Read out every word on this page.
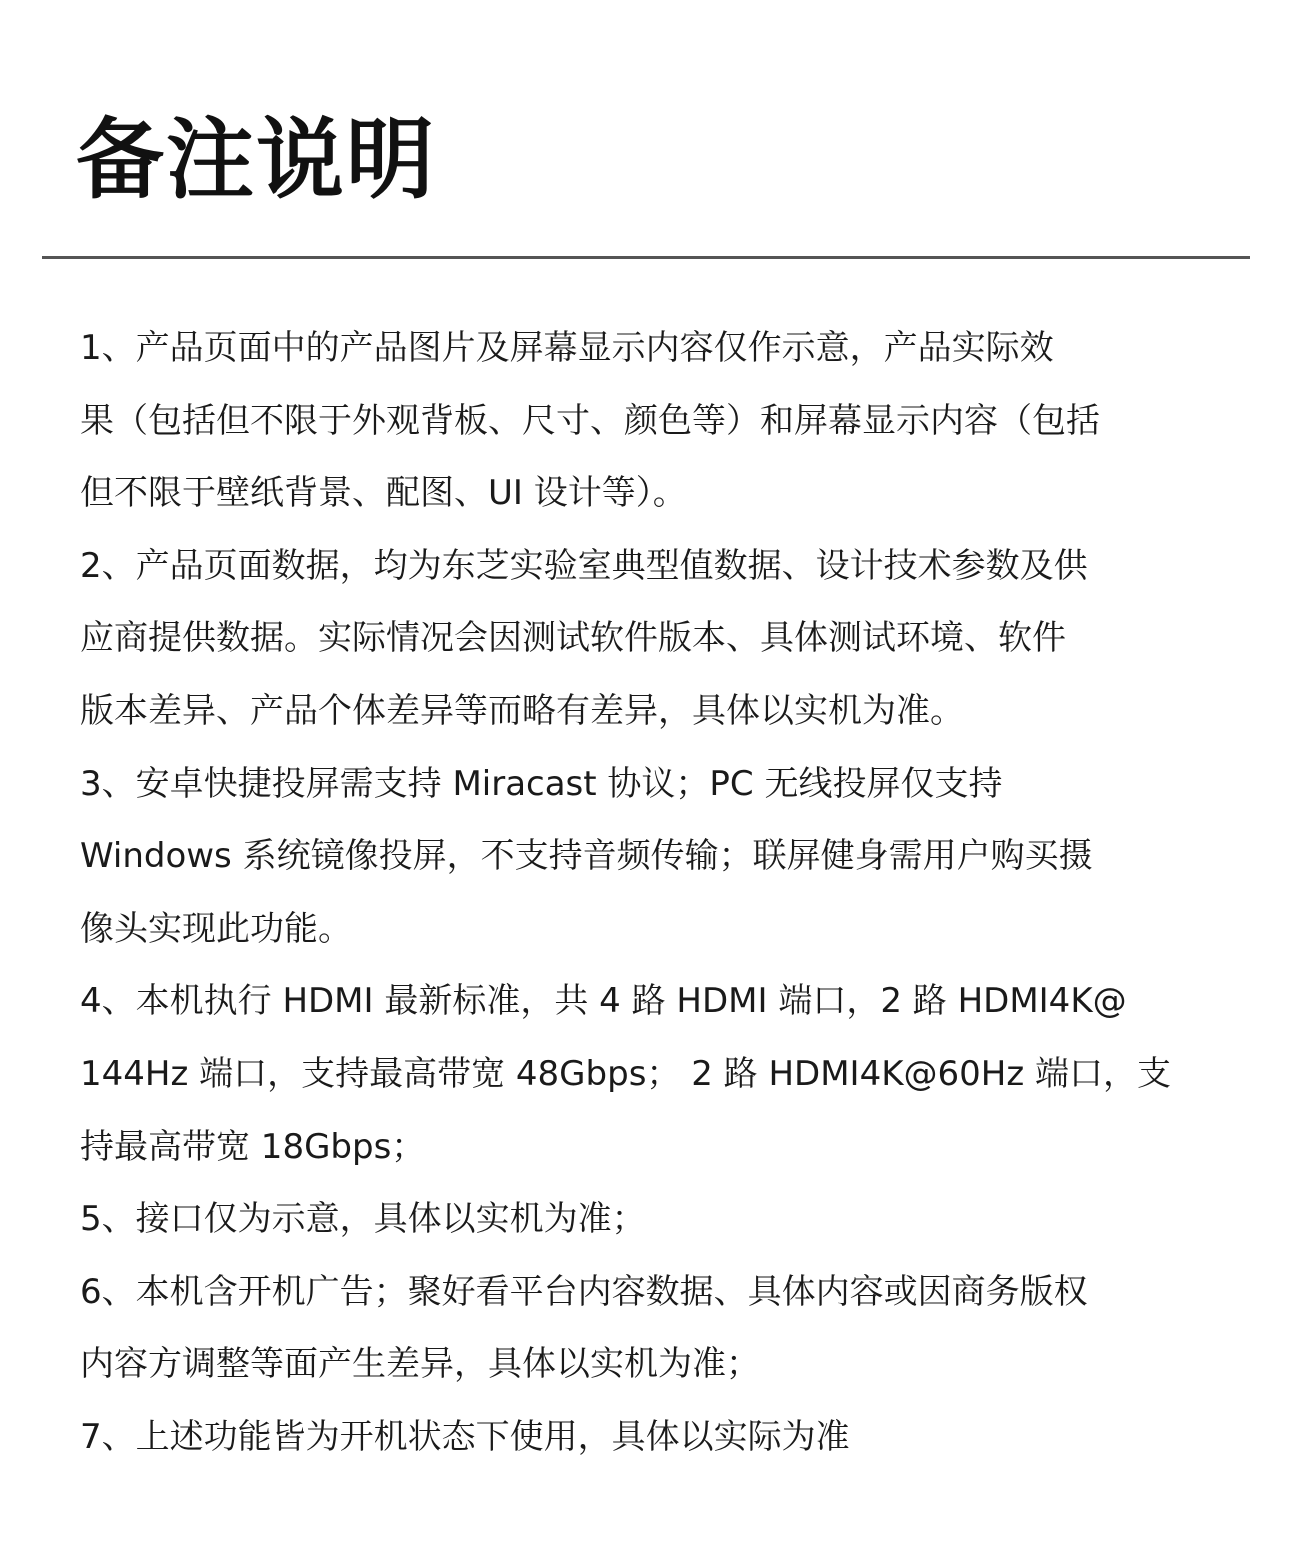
备注说明
1、产品页面中的产品图片及屏幕显示内容仅作示意，产品实际效
果（包括但不限于外观背板、尺寸、颜色等）和屏幕显示内容（包括
但不限于壁纸背景、配图、UI 设计等）。
2、产品页面数据，均为东芝实验室典型值数据、设计技术参数及供
应商提供数据。实际情况会因测试软件版本、具体测试环境、软件
版本差异、产品个体差异等而略有差异，具体以实机为准。
3、安卓快捷投屏需支持 Miracast 协议；PC 无线投屏仅支持
Windows 系统镜像投屏，不支持音频传输；联屏健身需用户购买摄
像头实现此功能。
4、本机执行 HDMI 最新标准，共 4 路 HDMI 端口，2 路 HDMI4K@
144Hz 端口，支持最高带宽 48Gbps； 2 路 HDMI4K@60Hz 端口，支
持最高带宽 18Gbps；
5、接口仅为示意，具体以实机为准；
6、本机含开机广告；聚好看平台内容数据、具体内容或因商务版权
内容方调整等面产生差异，具体以实机为准；
7、上述功能皆为开机状态下使用，具体以实际为准
